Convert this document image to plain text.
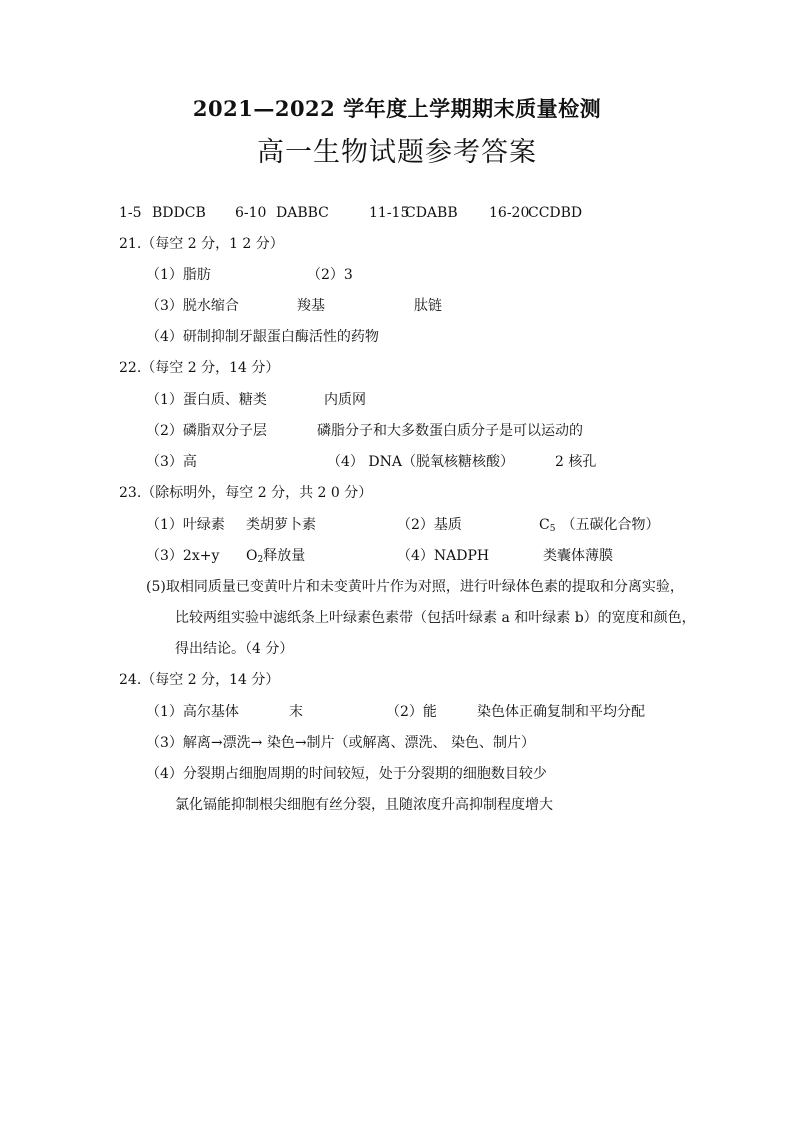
2021—2022 学年度上学期期末质量检测
高一生物试题参考答案
1-5 BDDCB 6-10 DABBC	11-15
CDABB 16-20
CCDBD
21.（每空 2 分，1 2 分）
（1）脂肪	（2）3
（3）脱水缩合	羧基	肽链
（4）研制抑制牙龈蛋白酶活性的药物
22.（每空 2 分，14 分）
（1）蛋白质、糖类	内质网
（2）磷脂双分子层	磷脂分子和大多数蛋白质分子是可以运动的
（3）高	（4） DNA（脱氧核糖核酸）	2 核孔
23.（除标明外，每空 2 分，共 2 0 分）
（1）叶绿素 类胡萝卜素	（2）基质	$C_5$ （五碳化合物）
（3）2x+y $O_2$释放量	（4）NADPH	类囊体薄膜
(5)取相同质量已变黄叶片和未变黄叶片作为对照，进行叶绿体色素的提取和分离实验，
比较两组实验中滤纸条上叶绿素色素带（包括叶绿素 a 和叶绿素 b）的宽度和颜色，
得出结论。（4 分）
24.（每空 2 分，14 分）
（1）高尔基体	末	（2）能	染色体正确复制和平均分配
（3）解离→漂洗→ 染色→制片（或解离、漂洗、 染色、制片）
（4）分裂期占细胞周期的时间较短，处于分裂期的细胞数目较少
氯化镉能抑制根尖细胞有丝分裂，且随浓度升高抑制程度增大
